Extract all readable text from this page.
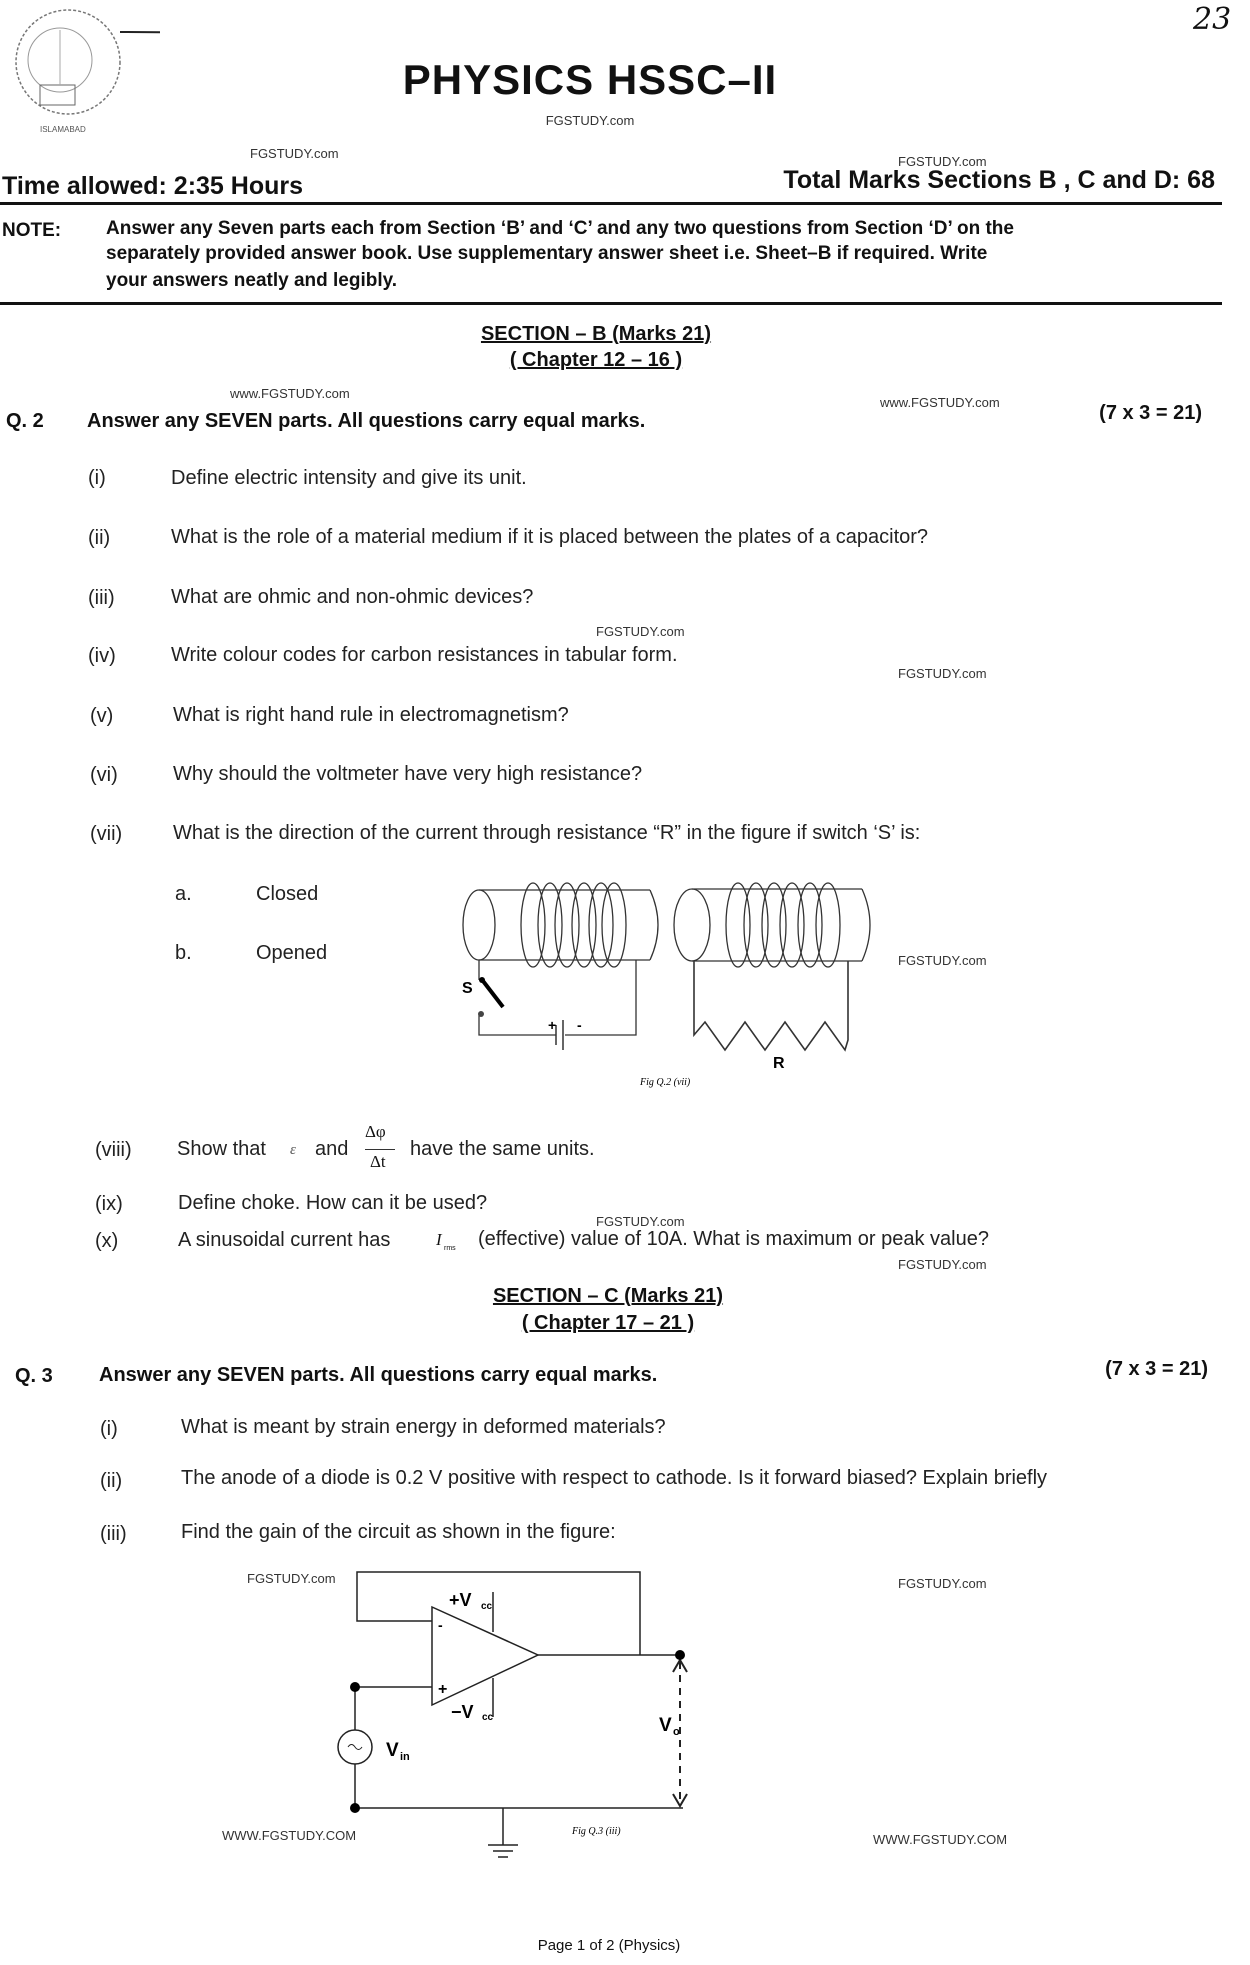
23
ISLAMABAD
PHYSICS HSSC–II
FGSTUDY.com
FGSTUDY.com
FGSTUDY.com
Time allowed: 2:35 Hours	Total Marks Sections B , C and D: 68
NOTE: Answer any Seven parts each from Section ‘B’ and ‘C’ and any two questions from Section ‘D’ on the
separately provided answer book. Use supplementary answer sheet i.e. Sheet–B if required. Write
your answers neatly and legibly.
SECTION – B (Marks 21)
( Chapter 12 – 16 )
www.FGSTUDY.com
www.FGSTUDY.com
Q. 2 Answer any SEVEN parts. All questions carry equal marks.	(7 x 3 = 21)
(i)	Define electric intensity and give its unit.
(ii)	What is the role of a material medium if it is placed between the plates of a capacitor?
(iii)	What are ohmic and non-ohmic devices?
FGSTUDY.com
(iv)	Write colour codes for carbon resistances in tabular form.
FGSTUDY.com
(v)	What is right hand rule in electromagnetism?
(vi)	Why should the voltmeter have very high resistance?
(vii)	What is the direction of the current through resistance “R” in the figure if switch ‘S’ is:
a.	Closed
b.	Opened	FGSTUDY.com
S
+ -
R
Fig Q.2 (vii)
(viii) Show that ε and
Δφ
Δt
have the same units.
(ix)	Define choke. How can it be used?
FGSTUDY.com
(x)	A sinusoidal current has	I rms (effective) value of 10A. What is maximum or peak value?
FGSTUDY.com
SECTION – C (Marks 21)
( Chapter 17 – 21 )
Q. 3 Answer any SEVEN parts. All questions carry equal marks.	(7 x 3 = 21)
(i)	What is meant by strain energy in deformed materials?
(ii)	The anode of a diode is 0.2 V positive with respect to cathode. Is it forward biased? Explain briefly
(iii)	Find the gain of the circuit as shown in the figure:
FGSTUDY.com	FGSTUDY.com
WWW.FGSTUDY.COM	WWW.FGSTUDY.COM
-
+
+V cc
−V cc
V in
V o
Fig Q.3 (iii)
Page 1 of 2 (Physics)
